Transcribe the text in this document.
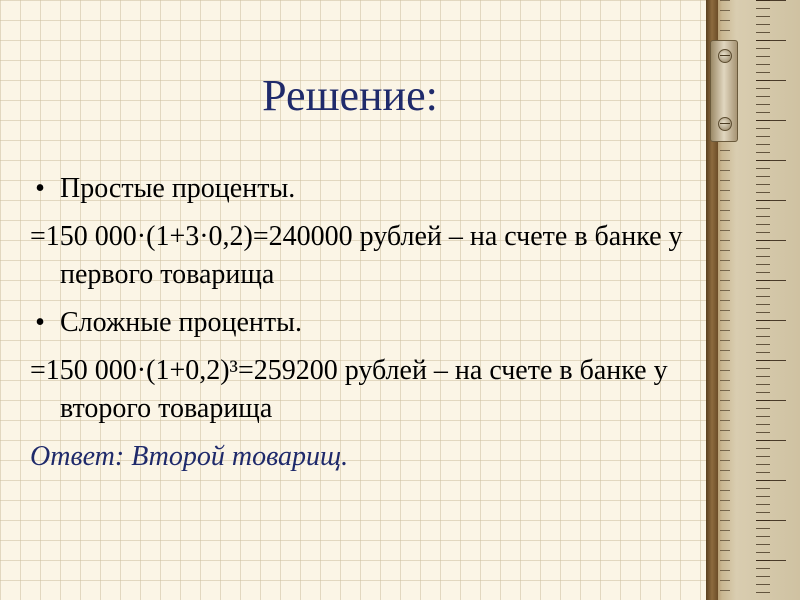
Решение:
• Простые проценты.
=150 000·(1+3·0,2)=240000 рублей – на счете в банке у первого товарища
• Сложные проценты.
=150 000·(1+0,2)³=259200 рублей – на счете в банке у второго товарища
Ответ: Второй товарищ.
